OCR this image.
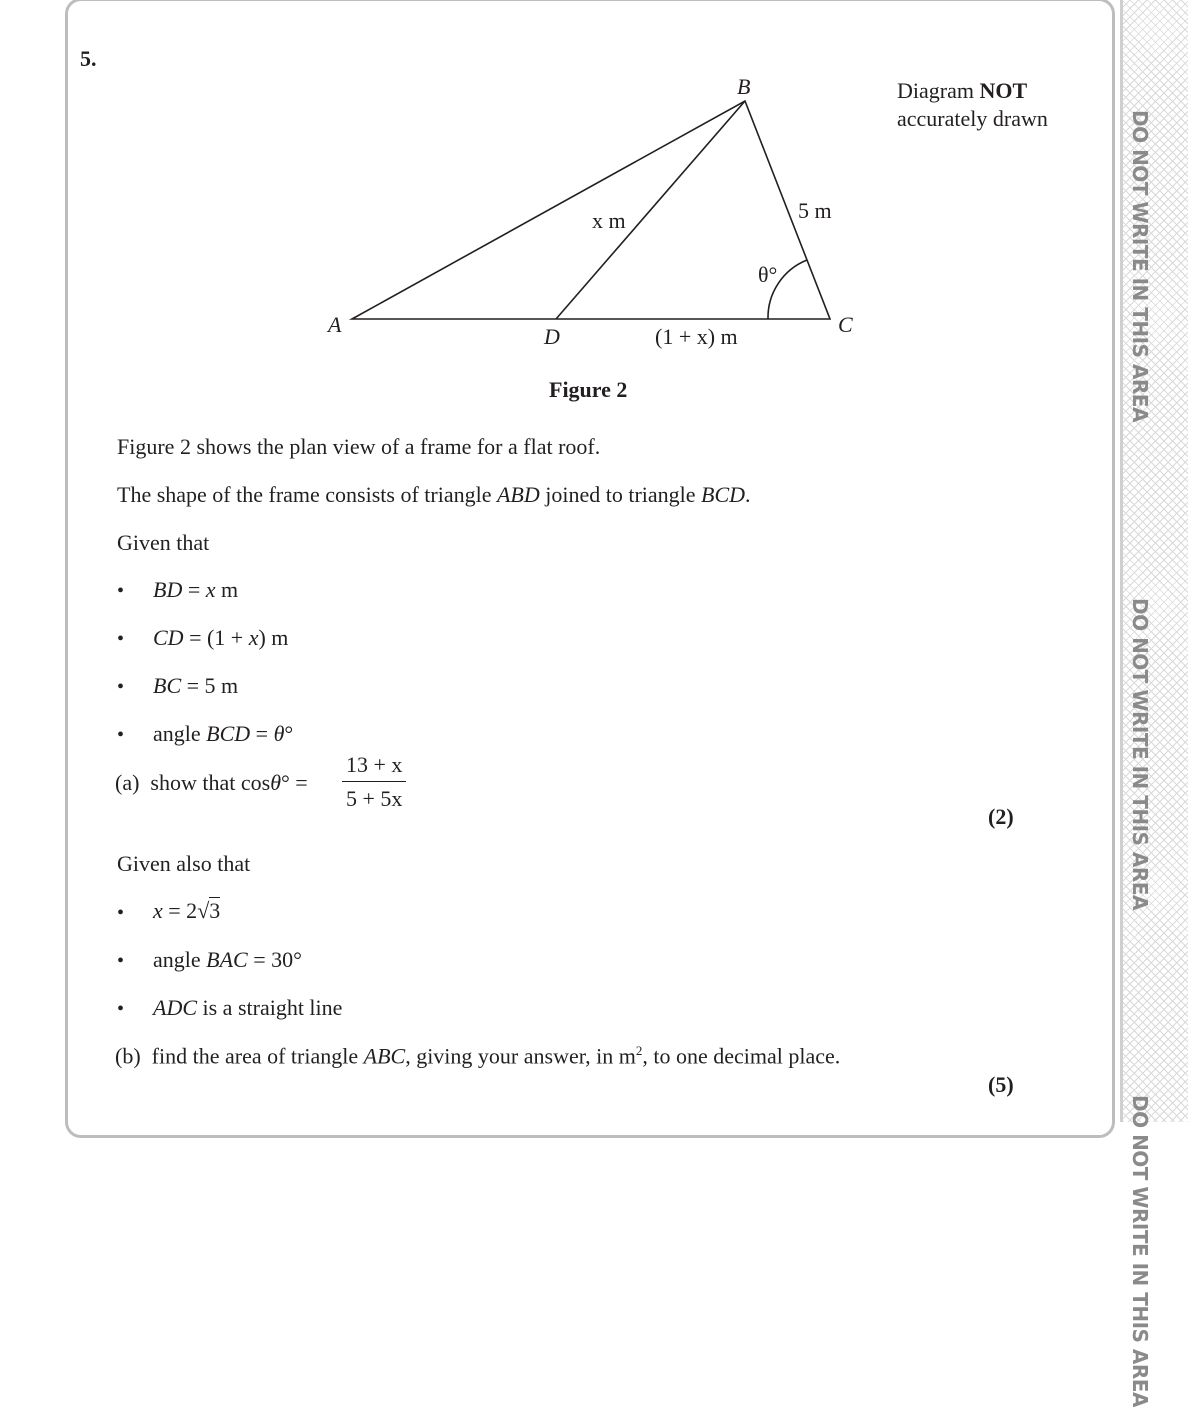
DO NOT WRITE IN THIS AREA
DO NOT WRITE IN THIS AREA
DO NOT WRITE IN THIS AREA
5.
B
A	C
D
x m	5 m
(1 + x) m
θ°
Diagram NOT
accurately drawn
Figure 2
Figure 2 shows the plan view of a frame for a flat roof.
The shape of the frame consists of triangle ABD joined to triangle BCD.
Given that
• BD = x m
• CD = (1 + x) m
• BC = 5 m
• angle BCD = θ°
(a) show that $\cos\theta^\circ = \frac{13 + x}{5 + 5x}$
(2)
Given also that
• x = 2√3
• angle BAC = 30°
• ADC is a straight line
(b) find the area of triangle ABC, giving your answer, in $m^2$, to one decimal place.
(5)
